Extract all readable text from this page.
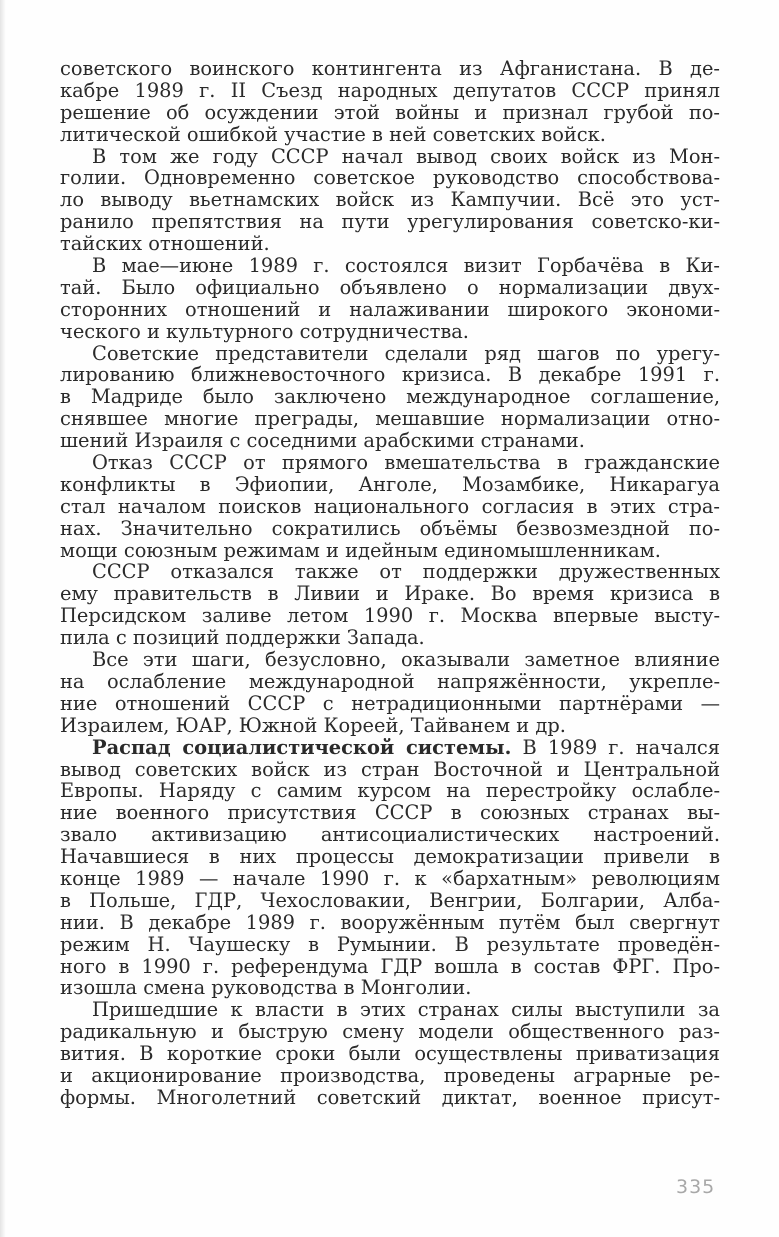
советского воинского контингента из Афганистана. В де-
кабре 1989 г. II Съезд народных депутатов СССР принял
решение об осуждении этой войны и признал грубой по-
литической ошибкой участие в ней советских войск.

В том же году СССР начал вывод своих войск из Мон-
голии. Одновременно советское руководство способствова-
ло выводу вьетнамских войск из Кампучии. Всё это уст-
ранило препятствия на пути урегулирования советско-ки-
тайских отношений.

В мае—июне 1989 г. состоялся визит Горбачёва в Ки-
тай. Было официально объявлено о нормализации двух-
сторонних отношений и налаживании широкого экономи-
ческого и культурного сотрудничества.

Советские представители сделали ряд шагов по урегу-
лированию ближневосточного кризиса. В декабре 1991 г.
в Мадриде было заключено международное соглашение,
снявшее многие преграды, мешавшие нормализации отно-
шений Израиля с соседними арабскими странами.

Отказ СССР от прямого вмешательства в гражданские
конфликты в Эфиопии, Анголе, Мозамбике, Никарагуа
стал началом поисков национального согласия в этих стра-
нах. Значительно сократились объёмы безвозмездной по-
мощи союзным режимам и идейным единомышленникам.

СССР отказался также от поддержки дружественных
ему правительств в Ливии и Ираке. Во время кризиса в
Персидском заливе летом 1990 г. Москва впервые высту-
пила с позиций поддержки Запада.

Все эти шаги, безусловно, оказывали заметное влияние
на ослабление международной напряжённости, укрепле-
ние отношений СССР с нетрадиционными партнёрами —
Израилем, ЮАР, Южной Кореей, Тайванем и др.

Распад социалистической системы. В 1989 г. начался
вывод советских войск из стран Восточной и Центральной
Европы. Наряду с самим курсом на перестройку ослабле-
ние военного присутствия СССР в союзных странах вы-
звало активизацию антисоциалистических настроений.
Начавшиеся в них процессы демократизации привели в
конце 1989 — начале 1990 г. к «бархатным» революциям
в Польше, ГДР, Чехословакии, Венгрии, Болгарии, Алба-
нии. В декабре 1989 г. вооружённым путём был свергнут
режим Н. Чаушеску в Румынии. В результате проведён-
ного в 1990 г. референдума ГДР вошла в состав ФРГ. Про-
изошла смена руководства в Монголии.

Пришедшие к власти в этих странах силы выступили за
радикальную и быструю смену модели общественного раз-
вития. В короткие сроки были осуществлены приватизация
и акционирование производства, проведены аграрные ре-
формы. Многолетний советский диктат, военное присут-

335
